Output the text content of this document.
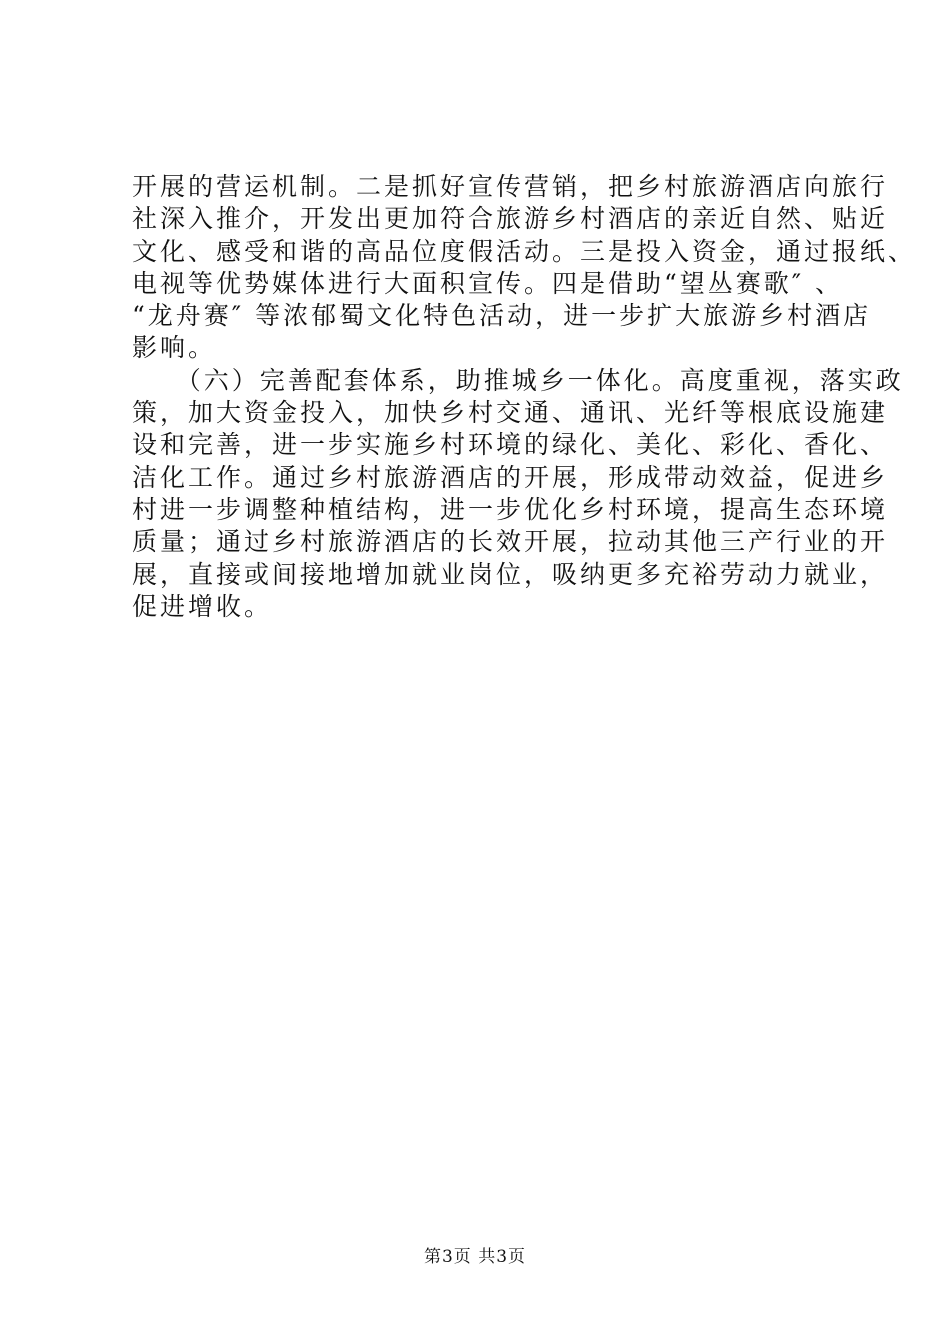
开展的营运机制。二是抓好宣传营销，把乡村旅游酒店向旅行
社深入推介，开发出更加符合旅游乡村酒店的亲近自然、贴近
文化、感受和谐的高品位度假活动。三是投入资金，通过报纸、
电视等优势媒体进行大面积宣传。四是借助“望丛赛歌″ 、
“龙舟赛″ 等浓郁蜀文化特色活动，进一步扩大旅游乡村酒店
影响。
（六）完善配套体系，助推城乡一体化。高度重视，落实政
策，加大资金投入，加快乡村交通、通讯、光纤等根底设施建
设和完善，进一步实施乡村环境的绿化、美化、彩化、香化、
洁化工作。通过乡村旅游酒店的开展，形成带动效益，促进乡
村进一步调整种植结构，进一步优化乡村环境，提高生态环境
质量；通过乡村旅游酒店的长效开展，拉动其他三产行业的开
展，直接或间接地增加就业岗位，吸纳更多充裕劳动力就业，
促进增收。
第3页 共3页
